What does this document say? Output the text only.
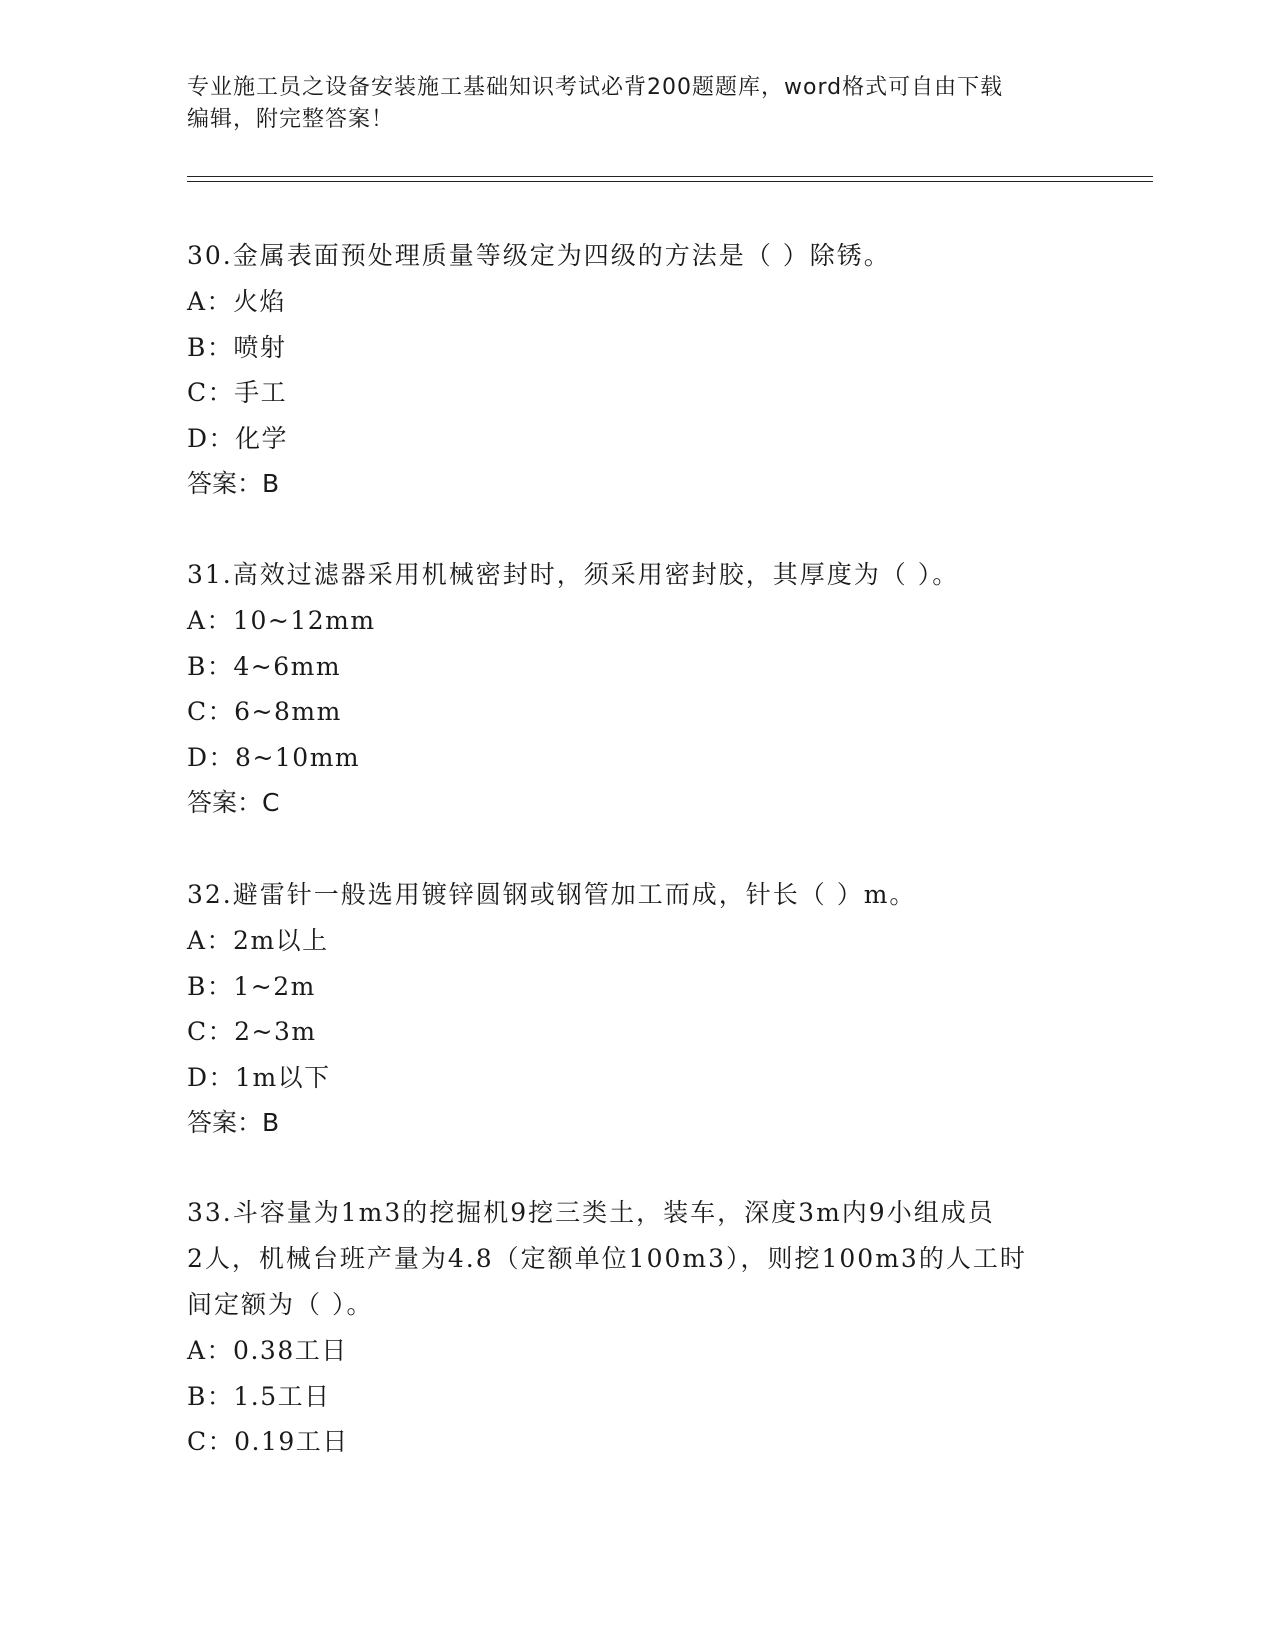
专业施工员之设备安装施工基础知识考试必背200题题库，word格式可自由下载
编辑，附完整答案！

30.金属表面预处理质量等级定为四级的方法是（ ）除锈。

A：火焰

B：喷射

C：手工

D：化学

答案：B

31.高效过滤器采用机械密封时，须采用密封胶，其厚度为（ ）。

A：10~12mm

B：4~6mm

C：6~8mm

D：8~10mm

答案：C

32.避雷针一般选用镀锌圆钢或钢管加工而成，针长（ ）m。

A：2m以上

B：1~2m

C：2~3m

D：1m以下

答案：B

33.斗容量为1m3的挖掘机9挖三类土，装车，深度3m内9小组成员

2人，机械台班产量为4.8（定额单位100m3），则挖100m3的人工时

间定额为（ ）。

A：0.38工日

B：1.5工日

C：0.19工日
